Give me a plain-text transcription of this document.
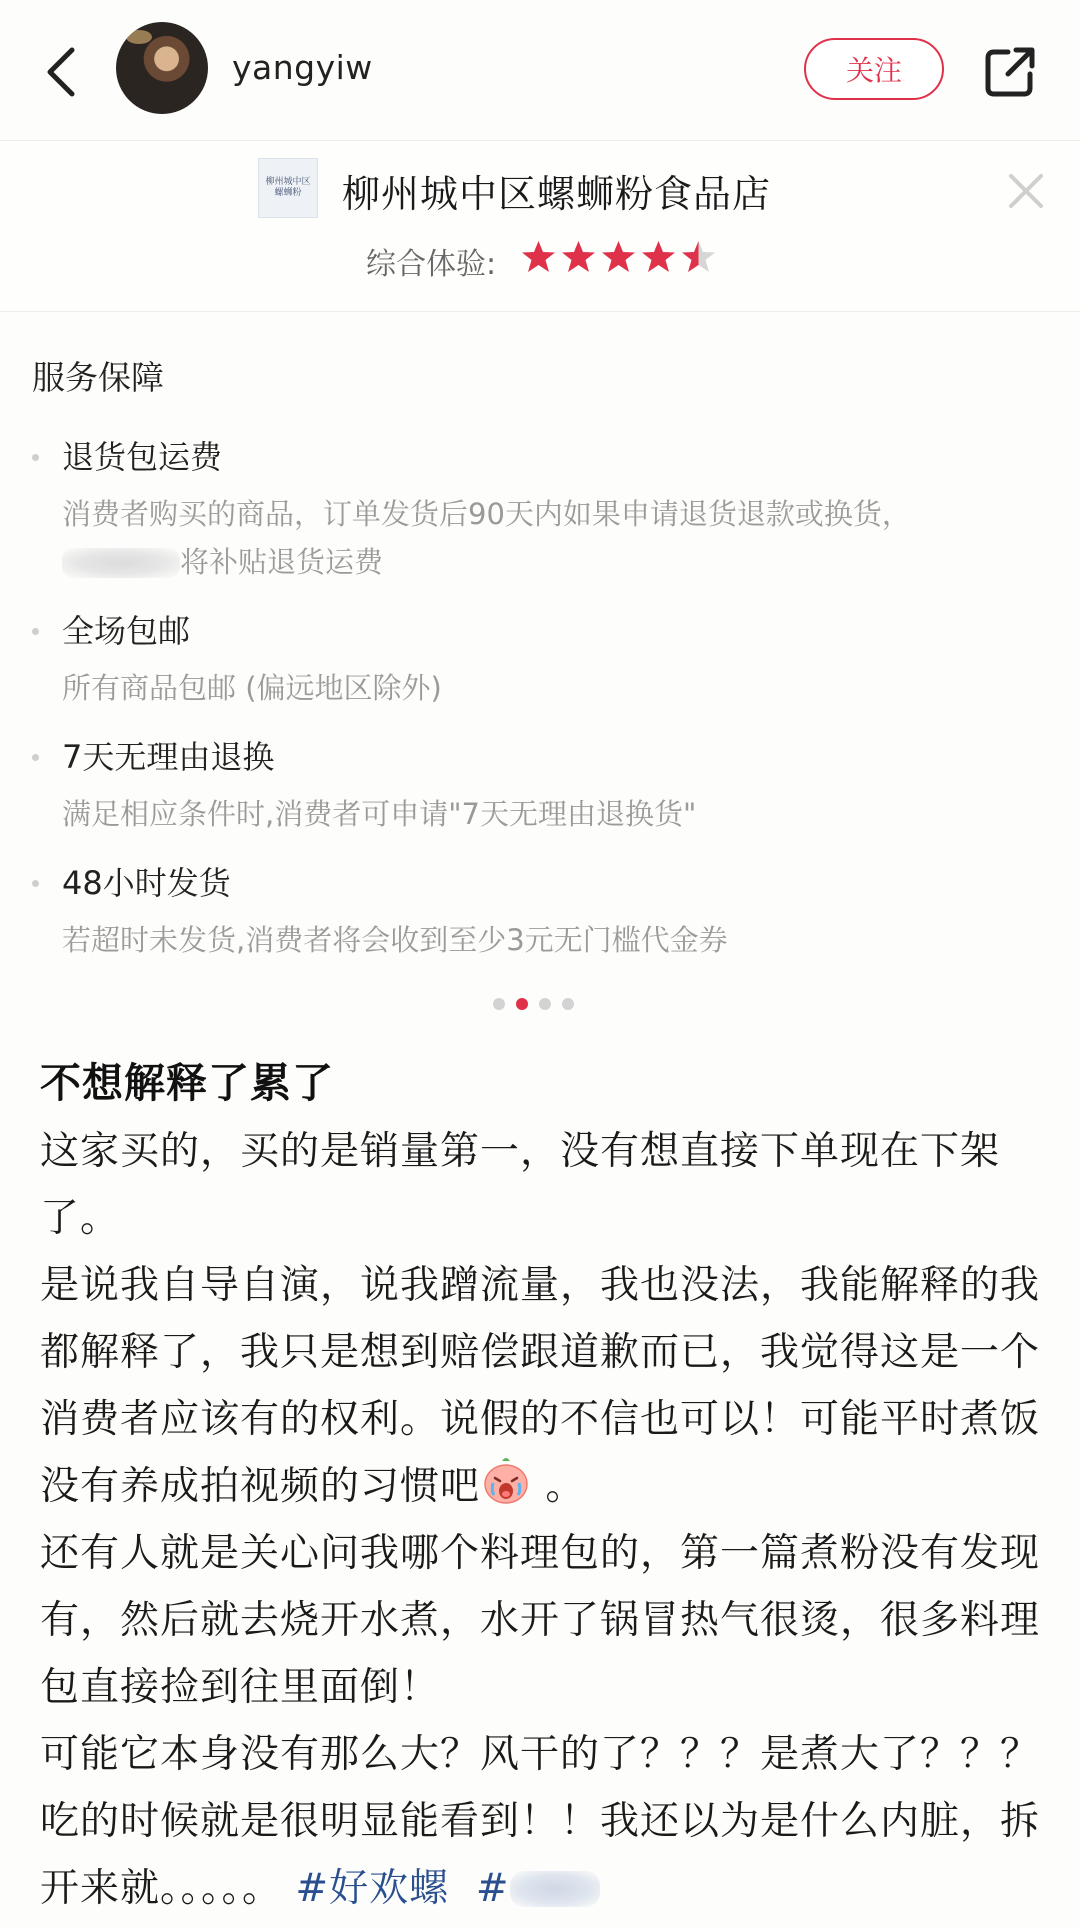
yangyiw	关注
柳州城中区螺蛳粉	柳州城中区螺蛳粉食品店
综合体验:
服务保障
退货包运费
消费者购买的商品，订单发货后90天内如果申请退货退款或换货，将补贴退货运费
全场包邮
所有商品包邮 (偏远地区除外)
7天无理由退换
满足相应条件时,消费者可申请"7天无理由退换货"
48小时发货
若超时未发货,消费者将会收到至少3元无门槛代金券
不想解释了累了

这家买的，买的是销量第一，没有想直接下单现在下架了。

是说我自导自演，说我蹭流量，我也没法，我能解释的我都解释了，我只是想到赔偿跟道歉而已，我觉得这是一个消费者应该有的权利。说假的不信也可以！可能平时煮饭没有养成拍视频的习惯吧 。

还有人就是关心问我哪个料理包的，第一篇煮粉没有发现有，然后就去烧开水煮，水开了锅冒热气很烫，很多料理包直接捡到往里面倒！

可能它本身没有那么大？风干的了？？？是煮大了？？？吃的时候就是很明显能看到！！我还以为是什么内脏，拆开来就。。。。。 #好欢螺 #
